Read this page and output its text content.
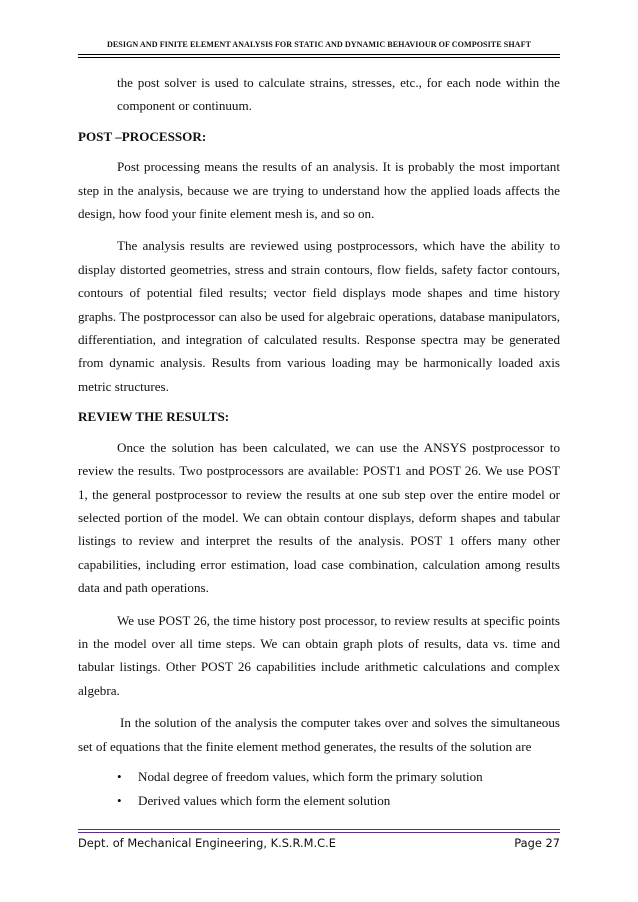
DESIGN AND FINITE ELEMENT ANALYSIS FOR STATIC AND DYNAMIC BEHAVIOUR OF COMPOSITE SHAFT

the post solver is used to calculate strains, stresses, etc., for each node within the component or continuum.

POST –PROCESSOR:

Post processing means the results of an analysis. It is probably the most important step in the analysis, because we are trying to understand how the applied loads affects the design, how food your finite element mesh is, and so on.

The analysis results are reviewed using postprocessors, which have the ability to display distorted geometries, stress and strain contours, flow fields, safety factor contours, contours of potential filed results; vector field displays mode shapes and time history graphs. The postprocessor can also be used for algebraic operations, database manipulators, differentiation, and integration of calculated results. Response spectra may be generated from dynamic analysis. Results from various loading may be harmonically loaded axis metric structures.

REVIEW THE RESULTS:

Once the solution has been calculated, we can use the ANSYS postprocessor to review the results. Two postprocessors are available: POST1 and POST 26. We use POST 1, the general postprocessor to review the results at one sub step over the entire model or selected portion of the model. We can obtain contour displays, deform shapes and tabular listings to review and interpret the results of the analysis. POST 1 offers many other capabilities, including error estimation, load case combination, calculation among results data and path operations.

We use POST 26, the time history post processor, to review results at specific points in the model over all time steps. We can obtain graph plots of results, data vs. time and tabular listings. Other POST 26 capabilities include arithmetic calculations and complex algebra.

In the solution of the analysis the computer takes over and solves the simultaneous set of equations that the finite element method generates, the results of the solution are

• Nodal degree of freedom values, which form the primary solution
• Derived values which form the element solution
Dept. of Mechanical Engineering, K.S.R.M.C.E	Page 27
